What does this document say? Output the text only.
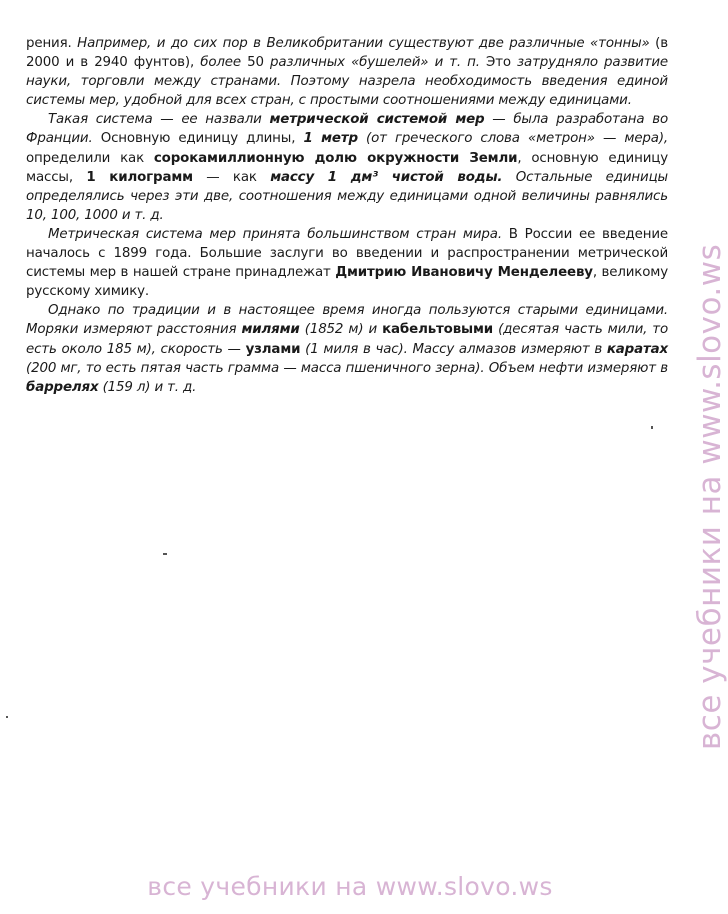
рения. Например, и до сих пор в Великобритании существуют две различные «тонны» (в 2000 и в 2940 фунтов), более 50 различных «бушелей» и т. п. Это затрудняло развитие науки, торговли между странами. Поэтому назрела необходимость введения единой системы мер, удобной для всех стран, с простыми соотношениями между единицами.

Такая система — ее назвали метрической системой мер — была разработана во Франции. Основную единицу длины, 1 метр (от греческого слова «метрон» — мера), определили как сорокамиллионную долю окружности Земли, основную единицу массы, 1 килограмм — как массу 1 дм³ чистой воды. Остальные единицы определялись через эти две, соотношения между единицами одной величины равнялись 10, 100, 1000 и т. д.

Метрическая система мер принята большинством стран мира. В России ее введение началось с 1899 года. Большие заслуги во введении и распространении метрической системы мер в нашей стране принадлежат Дмитрию Ивановичу Менделееву, великому русскому химику.

Однако по традиции и в настоящее время иногда пользуются старыми единицами. Моряки измеряют расстояния милями (1852 м) и кабельтовыми (десятая часть мили, то есть около 185 м), скорость — узлами (1 миля в час). Массу алмазов измеряют в каратах (200 мг, то есть пятая часть грамма — масса пшеничного зерна). Объем нефти измеряют в баррелях (159 л) и т. д.	все учебники на www.slovo.ws
все учебники на www.slovo.ws
